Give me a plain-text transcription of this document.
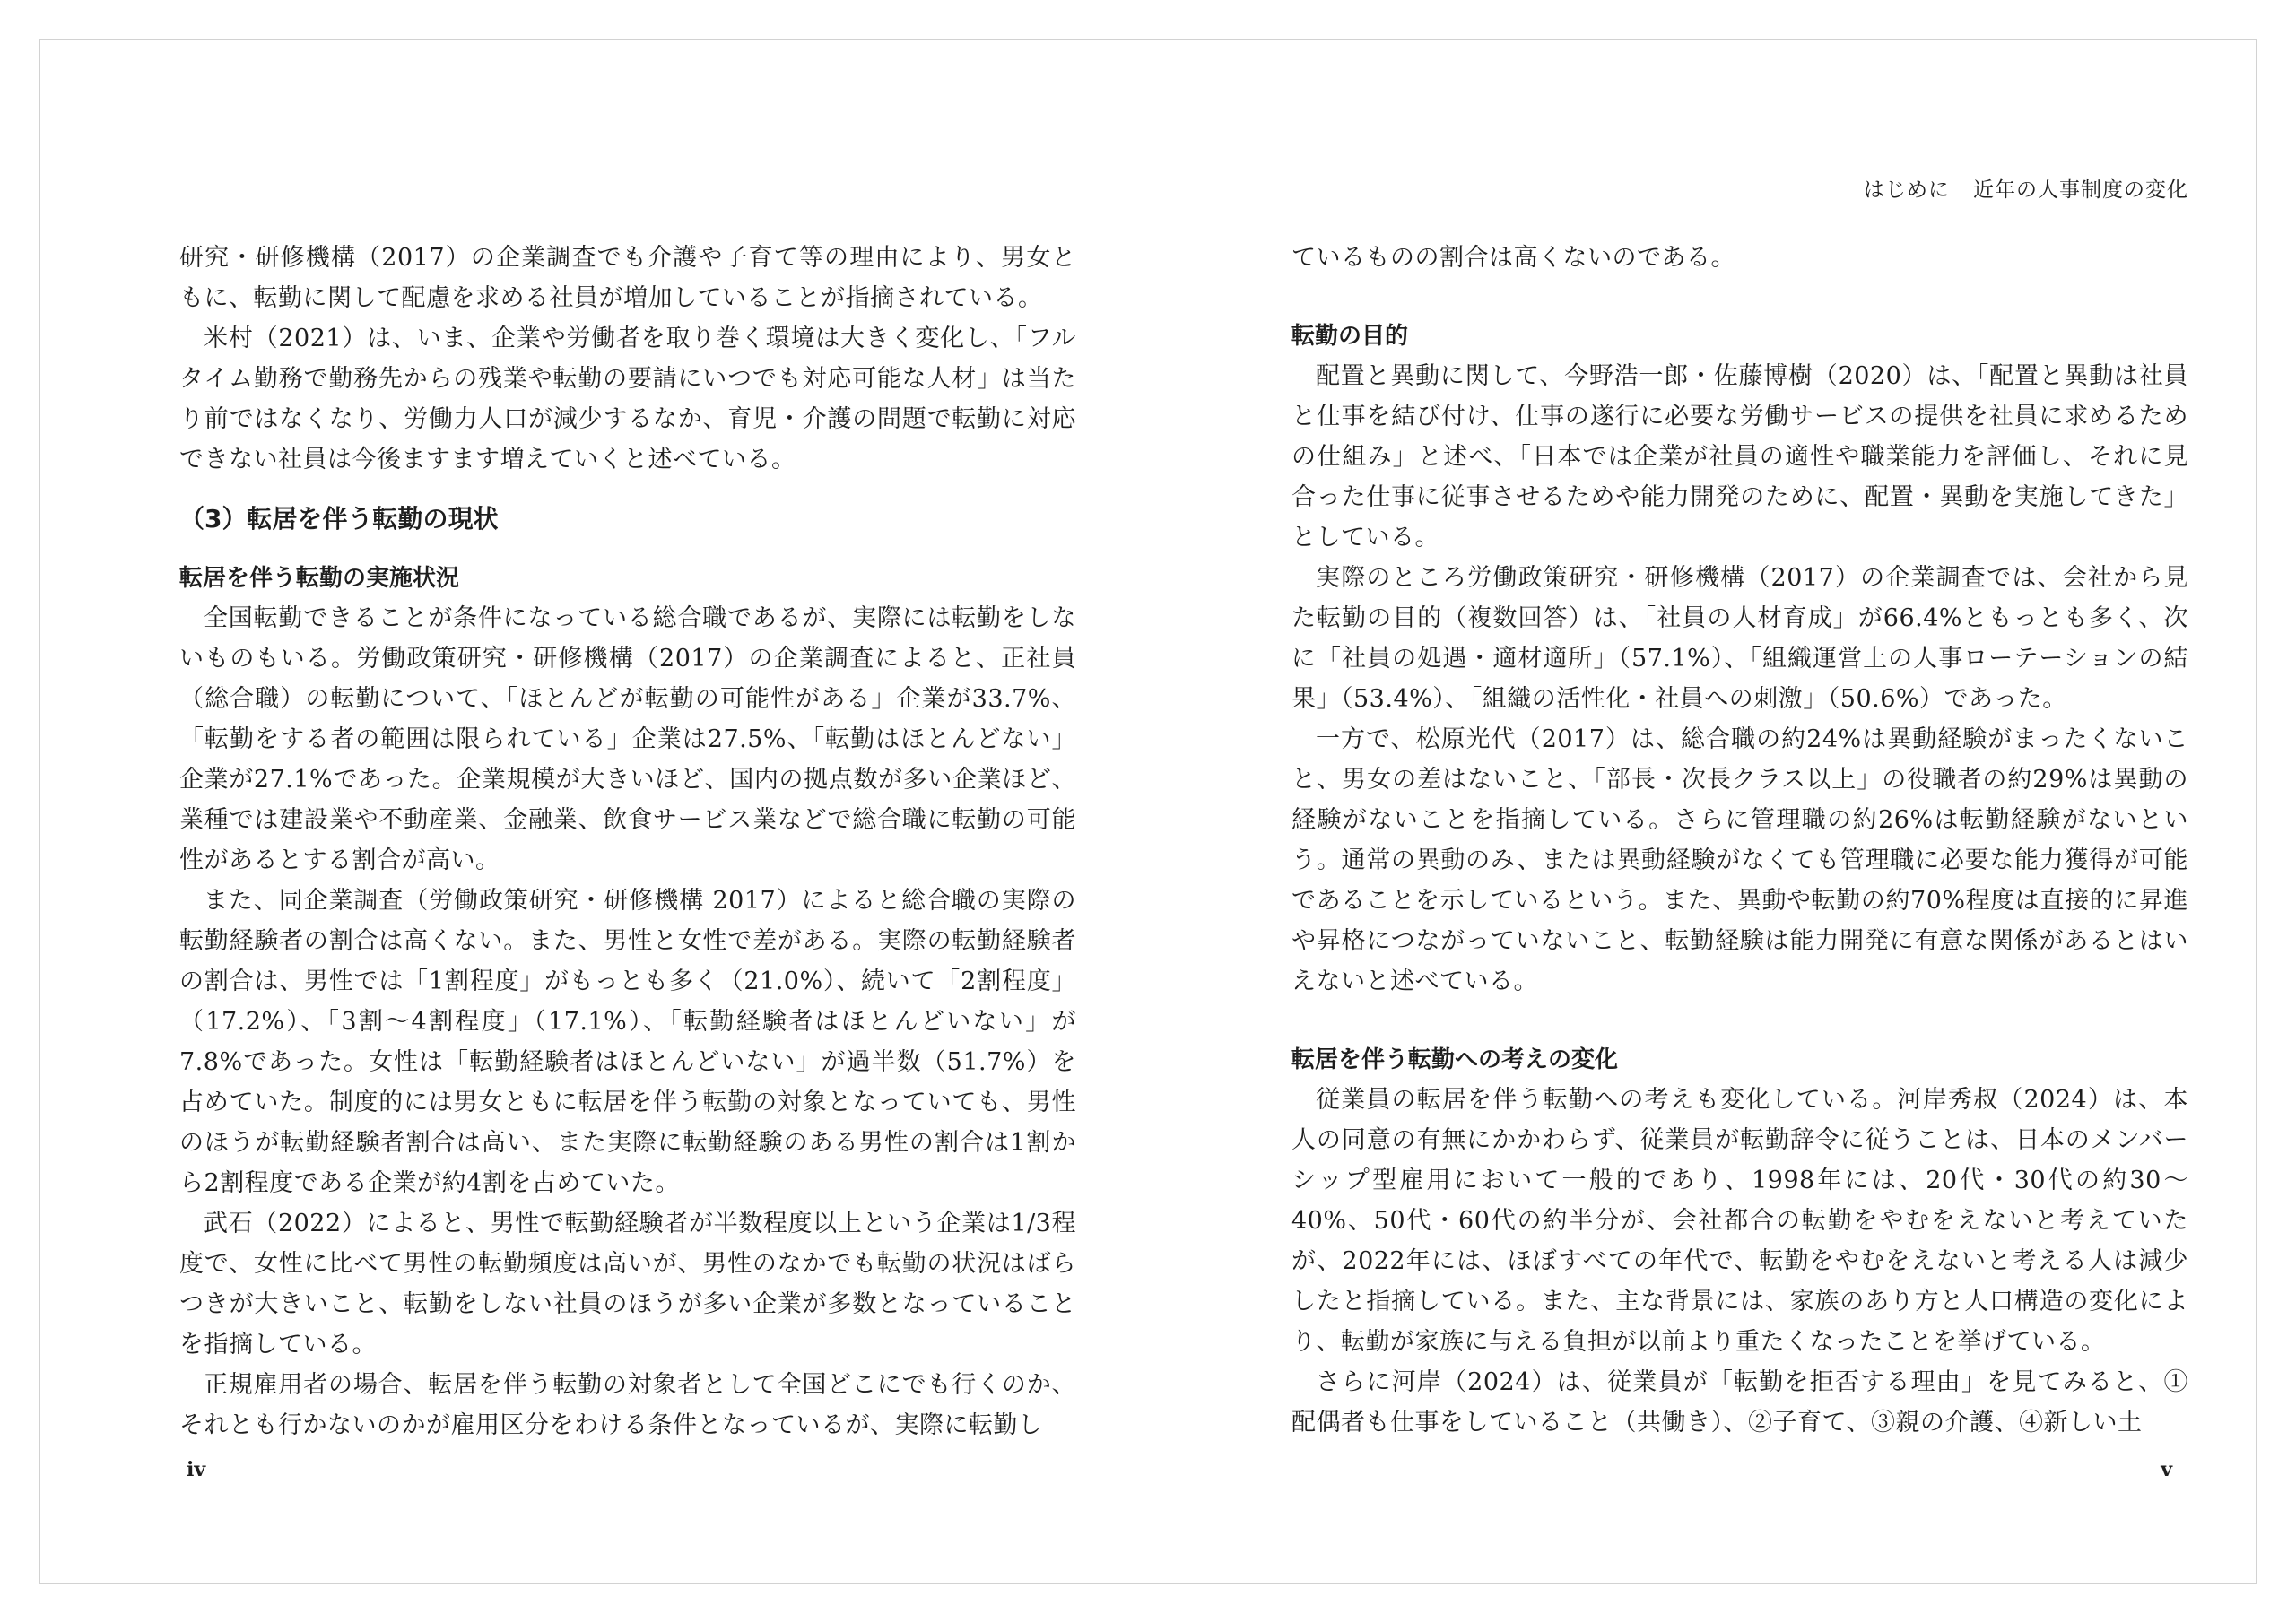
研究・研修機構（2017）の企業調査でも介護や子育て等の理由により、男女ともに、転勤に関して配慮を求める社員が増加していることが指摘されている。

米村（2021）は、いま、企業や労働者を取り巻く環境は大きく変化し、「フルタイム勤務で勤務先からの残業や転勤の要請にいつでも対応可能な人材」は当たり前ではなくなり、労働力人口が減少するなか、育児・介護の問題で転勤に対応できない社員は今後ますます増えていくと述べている。

（3）転居を伴う転勤の現状
転居を伴う転勤の実施状況

全国転勤できることが条件になっている総合職であるが、実際には転勤をしないものもいる。労働政策研究・研修機構（2017）の企業調査によると、正社員（総合職）の転勤について、「ほとんどが転勤の可能性がある」企業が33.7%、「転勤をする者の範囲は限られている」企業は27.5%、「転勤はほとんどない」企業が27.1%であった。企業規模が大きいほど、国内の拠点数が多い企業ほど、業種では建設業や不動産業、金融業、飲食サービス業などで総合職に転勤の可能性があるとする割合が高い。

また、同企業調査（労働政策研究・研修機構 2017）によると総合職の実際の転勤経験者の割合は高くない。また、男性と女性で差がある。実際の転勤経験者の割合は、男性では「1割程度」がもっとも多く（21.0%）、続いて「2割程度」（17.2%）、「3割〜4割程度」（17.1%）、「転勤経験者はほとんどいない」が7.8%であった。女性は「転勤経験者はほとんどいない」が過半数（51.7%）を占めていた。制度的には男女ともに転居を伴う転勤の対象となっていても、男性のほうが転勤経験者割合は高い、また実際に転勤経験のある男性の割合は1割から2割程度である企業が約4割を占めていた。

武石（2022）によると、男性で転勤経験者が半数程度以上という企業は1/3程度で、女性に比べて男性の転勤頻度は高いが、男性のなかでも転勤の状況はばらつきが大きいこと、転勤をしない社員のほうが多い企業が多数となっていることを指摘している。

正規雇用者の場合、転居を伴う転勤の対象者として全国どこにでも行くのか、それとも行かないのかが雇用区分をわける条件となっているが、実際に転勤し

iv
はじめに 近年の人事制度の変化

ているものの割合は高くないのである。

転勤の目的

配置と異動に関して、今野浩一郎・佐藤博樹（2020）は、「配置と異動は社員と仕事を結び付け、仕事の遂行に必要な労働サービスの提供を社員に求めるための仕組み」と述べ、「日本では企業が社員の適性や職業能力を評価し、それに見合った仕事に従事させるためや能力開発のために、配置・異動を実施してきた」としている。

実際のところ労働政策研究・研修機構（2017）の企業調査では、会社から見た転勤の目的（複数回答）は、「社員の人材育成」が66.4%ともっとも多く、次に「社員の処遇・適材適所」（57.1%）、「組織運営上の人事ローテーションの結果」（53.4%）、「組織の活性化・社員への刺激」（50.6%）であった。

一方で、松原光代（2017）は、総合職の約24%は異動経験がまったくないこと、男女の差はないこと、「部長・次長クラス以上」の役職者の約29%は異動の経験がないことを指摘している。さらに管理職の約26%は転勤経験がないという。通常の異動のみ、または異動経験がなくても管理職に必要な能力獲得が可能であることを示しているという。また、異動や転勤の約70%程度は直接的に昇進や昇格につながっていないこと、転勤経験は能力開発に有意な関係があるとはいえないと述べている。

転居を伴う転勤への考えの変化

従業員の転居を伴う転勤への考えも変化している。河岸秀叔（2024）は、本人の同意の有無にかかわらず、従業員が転勤辞令に従うことは、日本のメンバーシップ型雇用において一般的であり、1998年には、20代・30代の約30〜40%、50代・60代の約半分が、会社都合の転勤をやむをえないと考えていたが、2022年には、ほぼすべての年代で、転勤をやむをえないと考える人は減少したと指摘している。また、主な背景には、家族のあり方と人口構造の変化により、転勤が家族に与える負担が以前より重たくなったことを挙げている。

さらに河岸（2024）は、従業員が「転勤を拒否する理由」を見てみると、①配偶者も仕事をしていること（共働き）、②子育て、③親の介護、④新しい土

v
